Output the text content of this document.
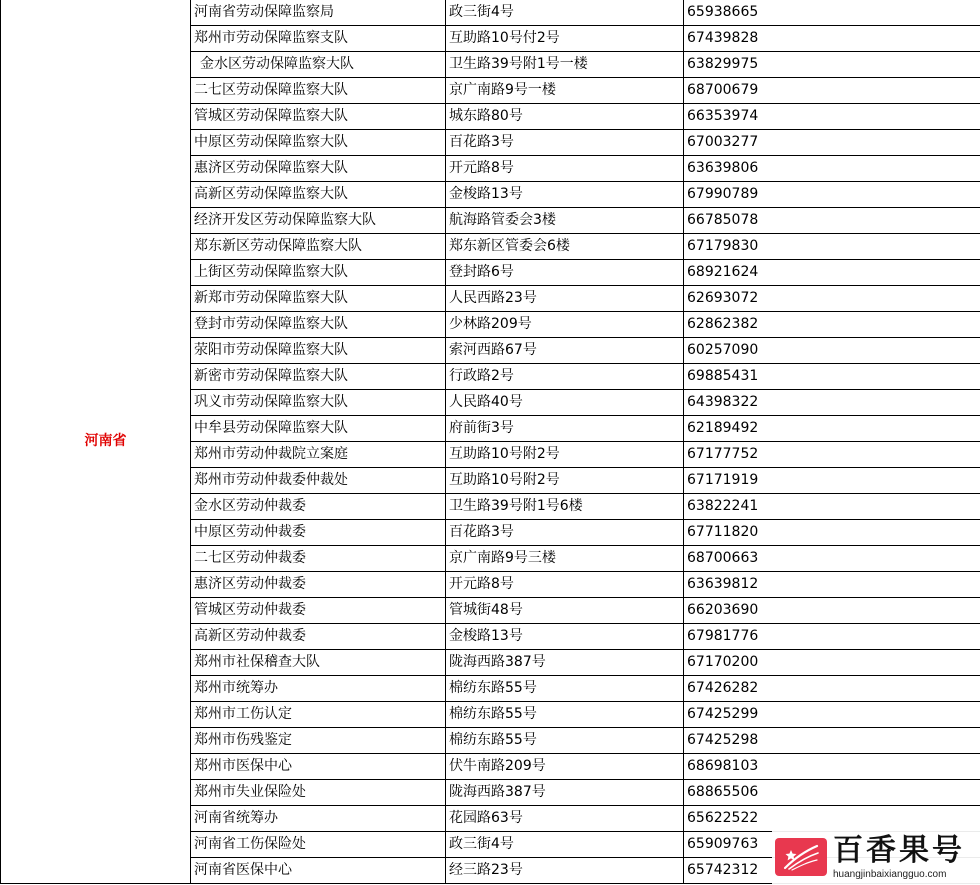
河南省	河南省劳动保障监察局	政三街4号	65938665	
	郑州市劳动保障监察支队	互助路10号付2号	67439828	
	金水区劳动保障监察大队	卫生路39号附1号一楼	63829975	
	二七区劳动保障监察大队	京广南路9号一楼	68700679	
	管城区劳动保障监察大队	城东路80号	66353974	
	中原区劳动保障监察大队	百花路3号	67003277	
	惠济区劳动保障监察大队	开元路8号	63639806	
	高新区劳动保障监察大队	金梭路13号	67990789	
	经济开发区劳动保障监察大队	航海路管委会3楼	66785078	
	郑东新区劳动保障监察大队	郑东新区管委会6楼	67179830	
	上街区劳动保障监察大队	登封路6号	68921624	
	新郑市劳动保障监察大队	人民西路23号	62693072	
	登封市劳动保障监察大队	少林路209号	62862382	
	荥阳市劳动保障监察大队	索河西路67号	60257090	
	新密市劳动保障监察大队	行政路2号	69885431	
	巩义市劳动保障监察大队	人民路40号	64398322	
	中牟县劳动保障监察大队	府前街3号	62189492	
	郑州市劳动仲裁院立案庭	互助路10号附2号	67177752	
	郑州市劳动仲裁委仲裁处	互助路10号附2号	67171919	
	金水区劳动仲裁委	卫生路39号附1号6楼	63822241	
	中原区劳动仲裁委	百花路3号	67711820	
	二七区劳动仲裁委	京广南路9号三楼	68700663	
	惠济区劳动仲裁委	开元路8号	63639812	
	管城区劳动仲裁委	管城街48号	66203690	
	高新区劳动仲裁委	金梭路13号	67981776	
	郑州市社保稽查大队	陇海西路387号	67170200	
	郑州市统筹办	棉纺东路55号	67426282	
	郑州市工伤认定	棉纺东路55号	67425299	
	郑州市伤残鉴定	棉纺东路55号	67425298	
	郑州市医保中心	伏牛南路209号	68698103	
	郑州市失业保险处	陇海西路387号	68865506	
	河南省统筹办	花园路63号	65622522	
	河南省工伤保险处	政三街4号	65909763	
	河南省医保中心	经三路23号	65742312	
百香果号
huangjinbaixiangguo.com
